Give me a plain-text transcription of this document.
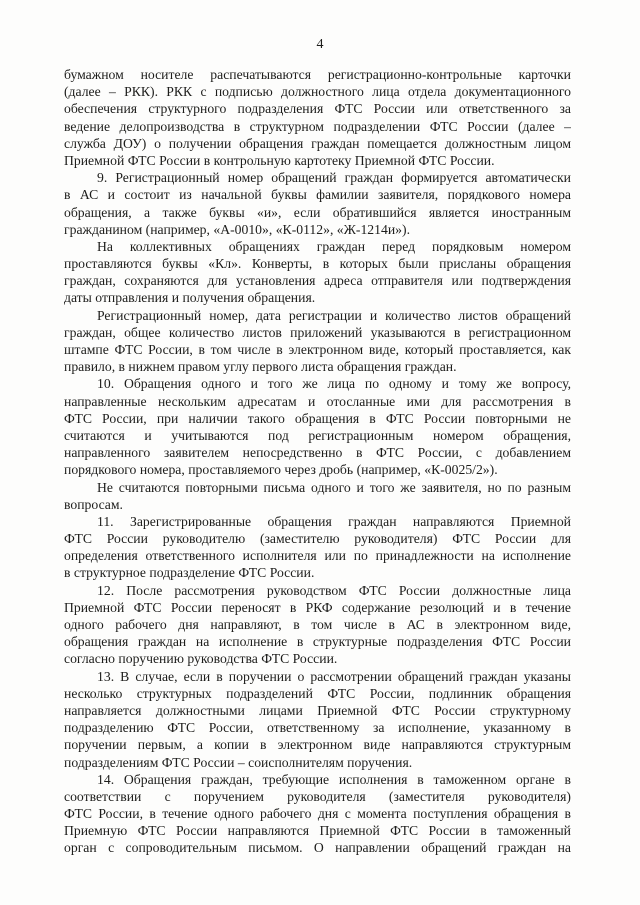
4

бумажном носителе распечатываются регистрационно-контрольные карточки
(далее – РКК). РКК с подписью должностного лица отдела документационного
обеспечения структурного подразделения ФТС России или ответственного за
ведение делопроизводства в структурном подразделении ФТС России (далее –
служба ДОУ) о получении обращения граждан помещается должностным лицом
Приемной ФТС России в контрольную картотеку Приемной ФТС России.

9. Регистрационный номер обращений граждан формируется автоматически
в АС и состоит из начальной буквы фамилии заявителя, порядкового номера
обращения, а также буквы «и», если обратившийся является иностранным
гражданином (например, «А-0010», «К-0112», «Ж-1214и»).

На коллективных обращениях граждан перед порядковым номером
проставляются буквы «Кл». Конверты, в которых были присланы обращения
граждан, сохраняются для установления адреса отправителя или подтверждения
даты отправления и получения обращения.

Регистрационный номер, дата регистрации и количество листов обращений
граждан, общее количество листов приложений указываются в регистрационном
штампе ФТС России, в том числе в электронном виде, который проставляется, как
правило, в нижнем правом углу первого листа обращения граждан.

10. Обращения одного и того же лица по одному и тому же вопросу,
направленные нескольким адресатам и отосланные ими для рассмотрения в
ФТС России, при наличии такого обращения в ФТС России повторными не
считаются и учитываются под регистрационным номером обращения,
направленного заявителем непосредственно в ФТС России, с добавлением
порядкового номера, проставляемого через дробь (например, «К-0025/2»).

Не считаются повторными письма одного и того же заявителя, но по разным
вопросам.

11. Зарегистрированные обращения граждан направляются Приемной
ФТС России руководителю (заместителю руководителя) ФТС России для
определения ответственного исполнителя или по принадлежности на исполнение
в структурное подразделение ФТС России.

12. После рассмотрения руководством ФТС России должностные лица
Приемной ФТС России переносят в РКФ содержание резолюций и в течение
одного рабочего дня направляют, в том числе в АС в электронном виде,
обращения граждан на исполнение в структурные подразделения ФТС России
согласно поручению руководства ФТС России.

13. В случае, если в поручении о рассмотрении обращений граждан указаны
несколько структурных подразделений ФТС России, подлинник обращения
направляется должностными лицами Приемной ФТС России структурному
подразделению ФТС России, ответственному за исполнение, указанному в
поручении первым, а копии в электронном виде направляются структурным
подразделениям ФТС России – соисполнителям поручения.

14. Обращения граждан, требующие исполнения в таможенном органе в
соответствии с поручением руководителя (заместителя руководителя)
ФТС России, в течение одного рабочего дня с момента поступления обращения в
Приемную ФТС России направляются Приемной ФТС России в таможенный
орган с сопроводительным письмом. О направлении обращений граждан на
